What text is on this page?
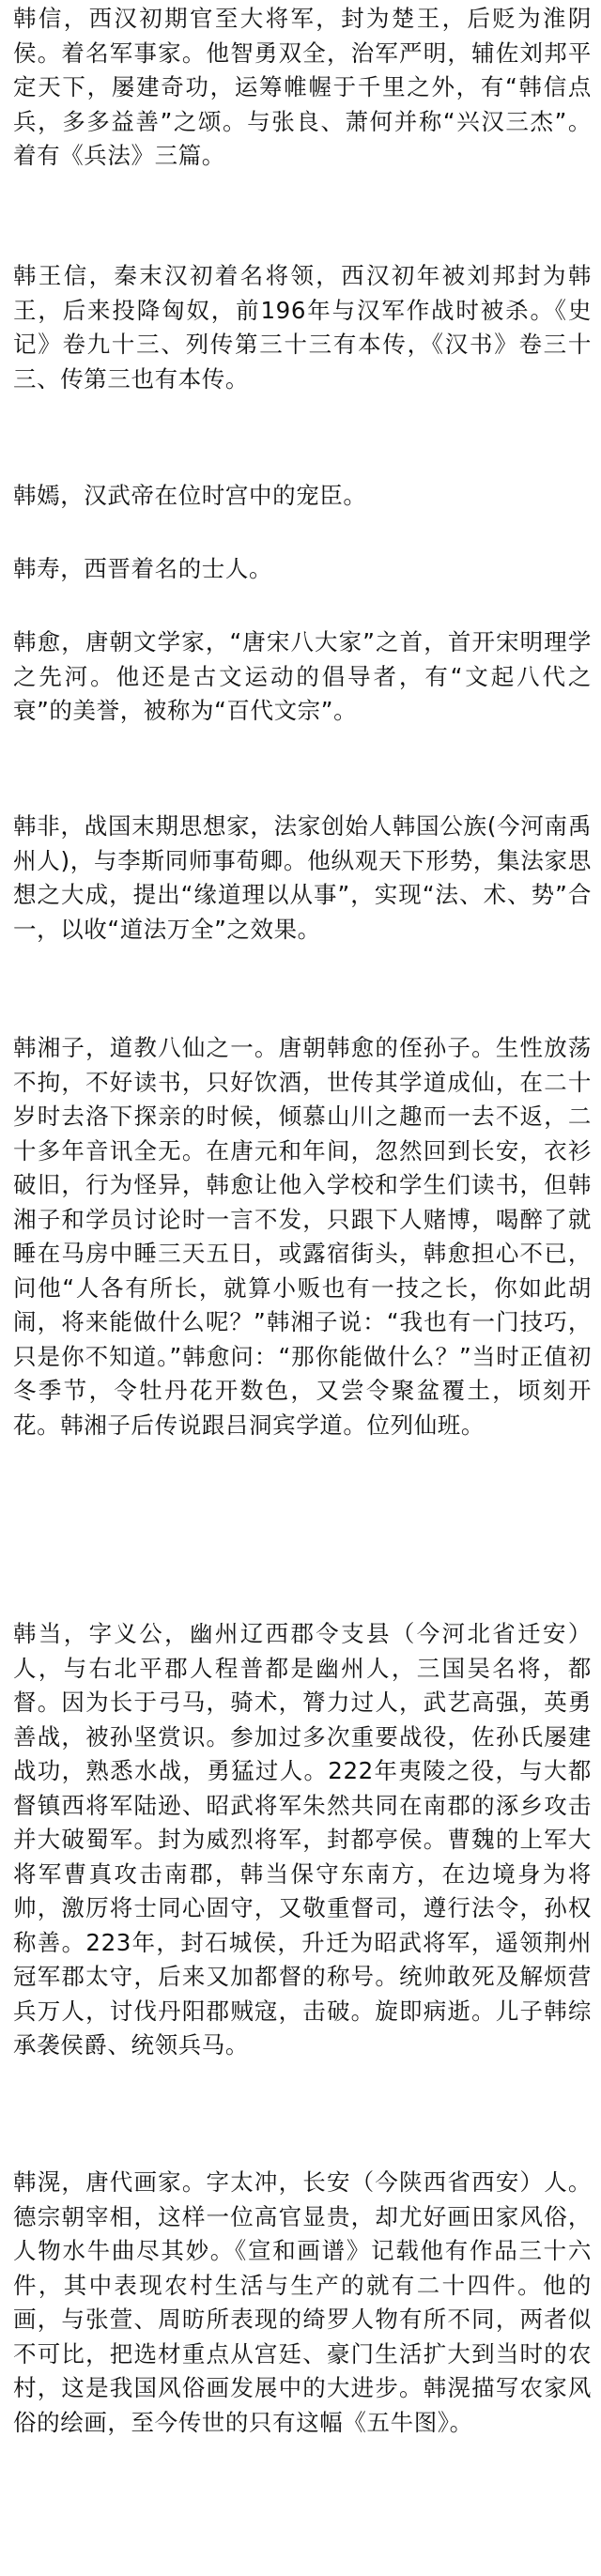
韩信，西汉初期官至大将军，封为楚王，后贬为淮阴侯。着名军事家。他智勇双全，治军严明，辅佐刘邦平定天下，屡建奇功，运筹帷幄于千里之外，有“韩信点兵，多多益善”之颂。与张良、萧何并称“兴汉三杰”。着有《兵法》三篇。

韩王信，秦末汉初着名将领，西汉初年被刘邦封为韩王，后来投降匈奴，前196年与汉军作战时被杀。《史记》卷九十三、列传第三十三有本传，《汉书》卷三十三、传第三也有本传。

韩嫣，汉武帝在位时宫中的宠臣。

韩寿，西晋着名的士人。

韩愈，唐朝文学家，“唐宋八大家”之首，首开宋明理学之先河。他还是古文运动的倡导者，有“文起八代之衰”的美誉，被称为“百代文宗”。

韩非，战国末期思想家，法家创始人韩国公族(今河南禹州人)，与李斯同师事荀卿。他纵观天下形势，集法家思想之大成，提出“缘道理以从事”，实现“法、术、势”合一，以收“道法万全”之效果。

韩湘子，道教八仙之一。唐朝韩愈的侄孙子。生性放荡不拘，不好读书，只好饮酒，世传其学道成仙，在二十岁时去洛下探亲的时候，倾慕山川之趣而一去不返，二十多年音讯全无。在唐元和年间，忽然回到长安，衣衫破旧，行为怪异，韩愈让他入学校和学生们读书，但韩湘子和学员讨论时一言不发，只跟下人赌博，喝醉了就睡在马房中睡三天五日，或露宿街头，韩愈担心不已，问他“人各有所长，就算小贩也有一技之长，你如此胡闹，将来能做什么呢？”韩湘子说：“我也有一门技巧，只是你不知道。”韩愈问：“那你能做什么？”当时正值初冬季节，令牡丹花开数色，又尝令聚盆覆土，顷刻开花。韩湘子后传说跟吕洞宾学道。位列仙班。

韩当，字义公，幽州辽西郡令支县（今河北省迁安）人，与右北平郡人程普都是幽州人，三国吴名将，都督。因为长于弓马，骑术，膂力过人，武艺高强，英勇善战，被孙坚赏识。参加过多次重要战役，佐孙氏屡建战功，熟悉水战，勇猛过人。222年夷陵之役，与大都督镇西将军陆逊、昭武将军朱然共同在南郡的涿乡攻击并大破蜀军。封为威烈将军，封都亭侯。曹魏的上军大将军曹真攻击南郡，韩当保守东南方，在边境身为将帅，激厉将士同心固守，又敬重督司，遵行法令，孙权称善。223年，封石城侯，升迁为昭武将军，遥领荆州冠军郡太守，后来又加都督的称号。统帅敢死及解烦营兵万人，讨伐丹阳郡贼寇，击破。旋即病逝。儿子韩综承袭侯爵、统领兵马。

韩滉，唐代画家。字太冲，长安（今陕西省西安）人。德宗朝宰相，这样一位高官显贵，却尤好画田家风俗，人物水牛曲尽其妙。《宣和画谱》记载他有作品三十六件，其中表现农村生活与生产的就有二十四件。他的画，与张萱、周昉所表现的绮罗人物有所不同，两者似不可比，把选材重点从宫廷、豪门生活扩大到当时的农村，这是我国风俗画发展中的大进步。韩滉描写农家风俗的绘画，至今传世的只有这幅《五牛图》。
